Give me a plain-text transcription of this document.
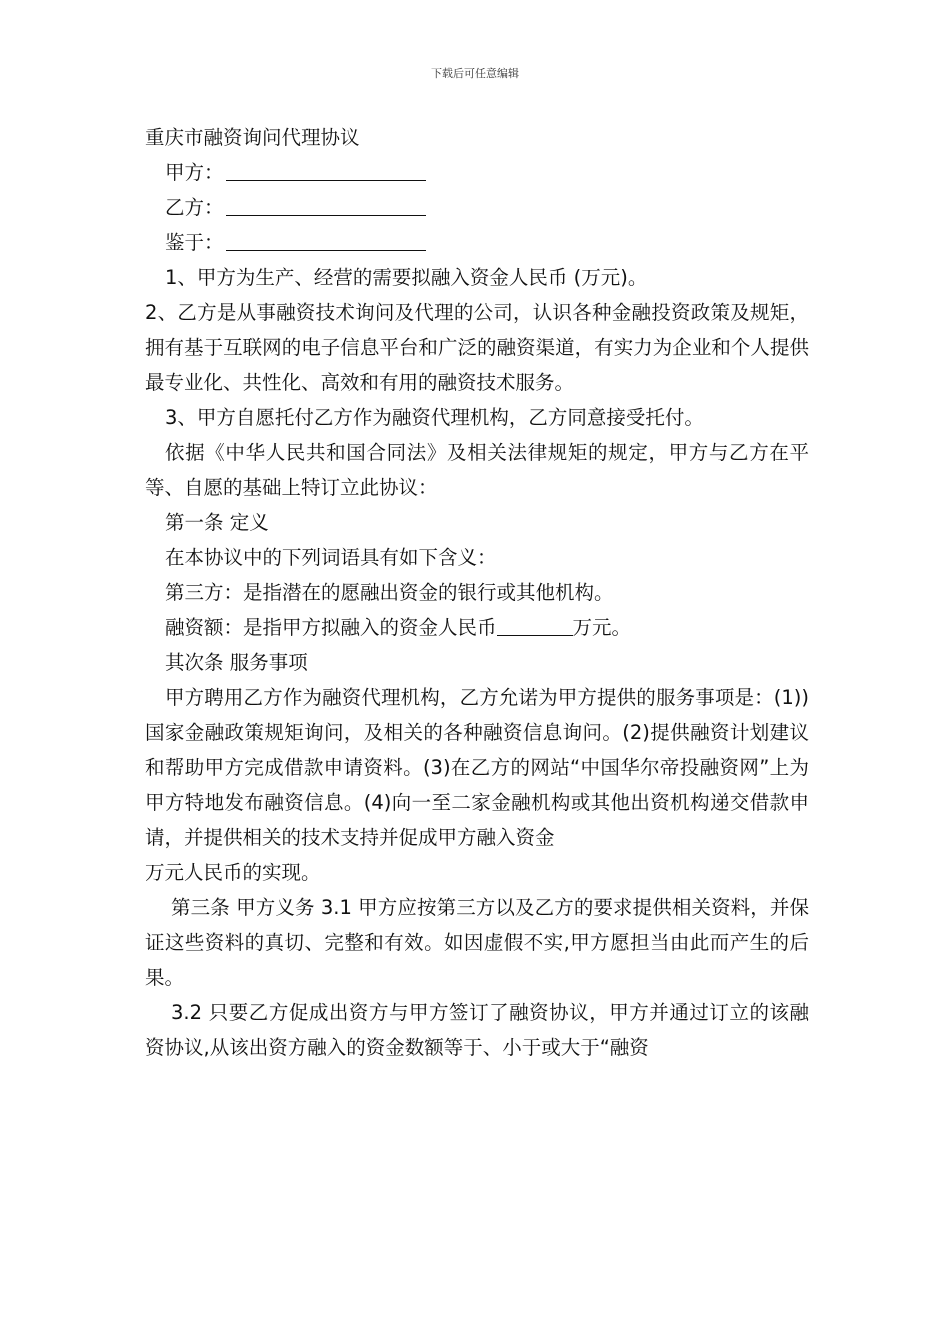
下载后可任意编辑

重庆市融资询问代理协议

甲方：

乙方：

鉴于：

1、甲方为生产、经营的需要拟融入资金人民币 (万元)。

2、乙方是从事融资技术询问及代理的公司，认识各种金融投资政策及规矩，拥有基于互联网的电子信息平台和广泛的融资渠道，有实力为企业和个人提供最专业化、共性化、高效和有用的融资技术服务。

3、甲方自愿托付乙方作为融资代理机构，乙方同意接受托付。

依据《中华人民共和国合同法》及相关法律规矩的规定，甲方与乙方在平等、自愿的基础上特订立此协议：

第一条 定义

在本协议中的下列词语具有如下含义：

第三方：是指潜在的愿融出资金的银行或其他机构。

融资额：是指甲方拟融入的资金人民币	万元。

其次条 服务事项

甲方聘用乙方作为融资代理机构，乙方允诺为甲方提供的服务事项是：(1))国家金融政策规矩询问，及相关的各种融资信息询问。(2)提供融资计划建议和帮助甲方完成借款申请资料。(3)在乙方的网站“中国华尔帝投融资网”上为甲方特地发布融资信息。(4)向一至二家金融机构或其他出资机构递交借款申请，并提供相关的技术支持并促成甲方融入资金

万元人民币的实现。

第三条 甲方义务 3.1 甲方应按第三方以及乙方的要求提供相关资料，并保证这些资料的真切、完整和有效。如因虚假不实,甲方愿担当由此而产生的后果。

3.2 只要乙方促成出资方与甲方签订了融资协议，甲方并通过订立的该融资协议,从该出资方融入的资金数额等于、小于或大于“融资
